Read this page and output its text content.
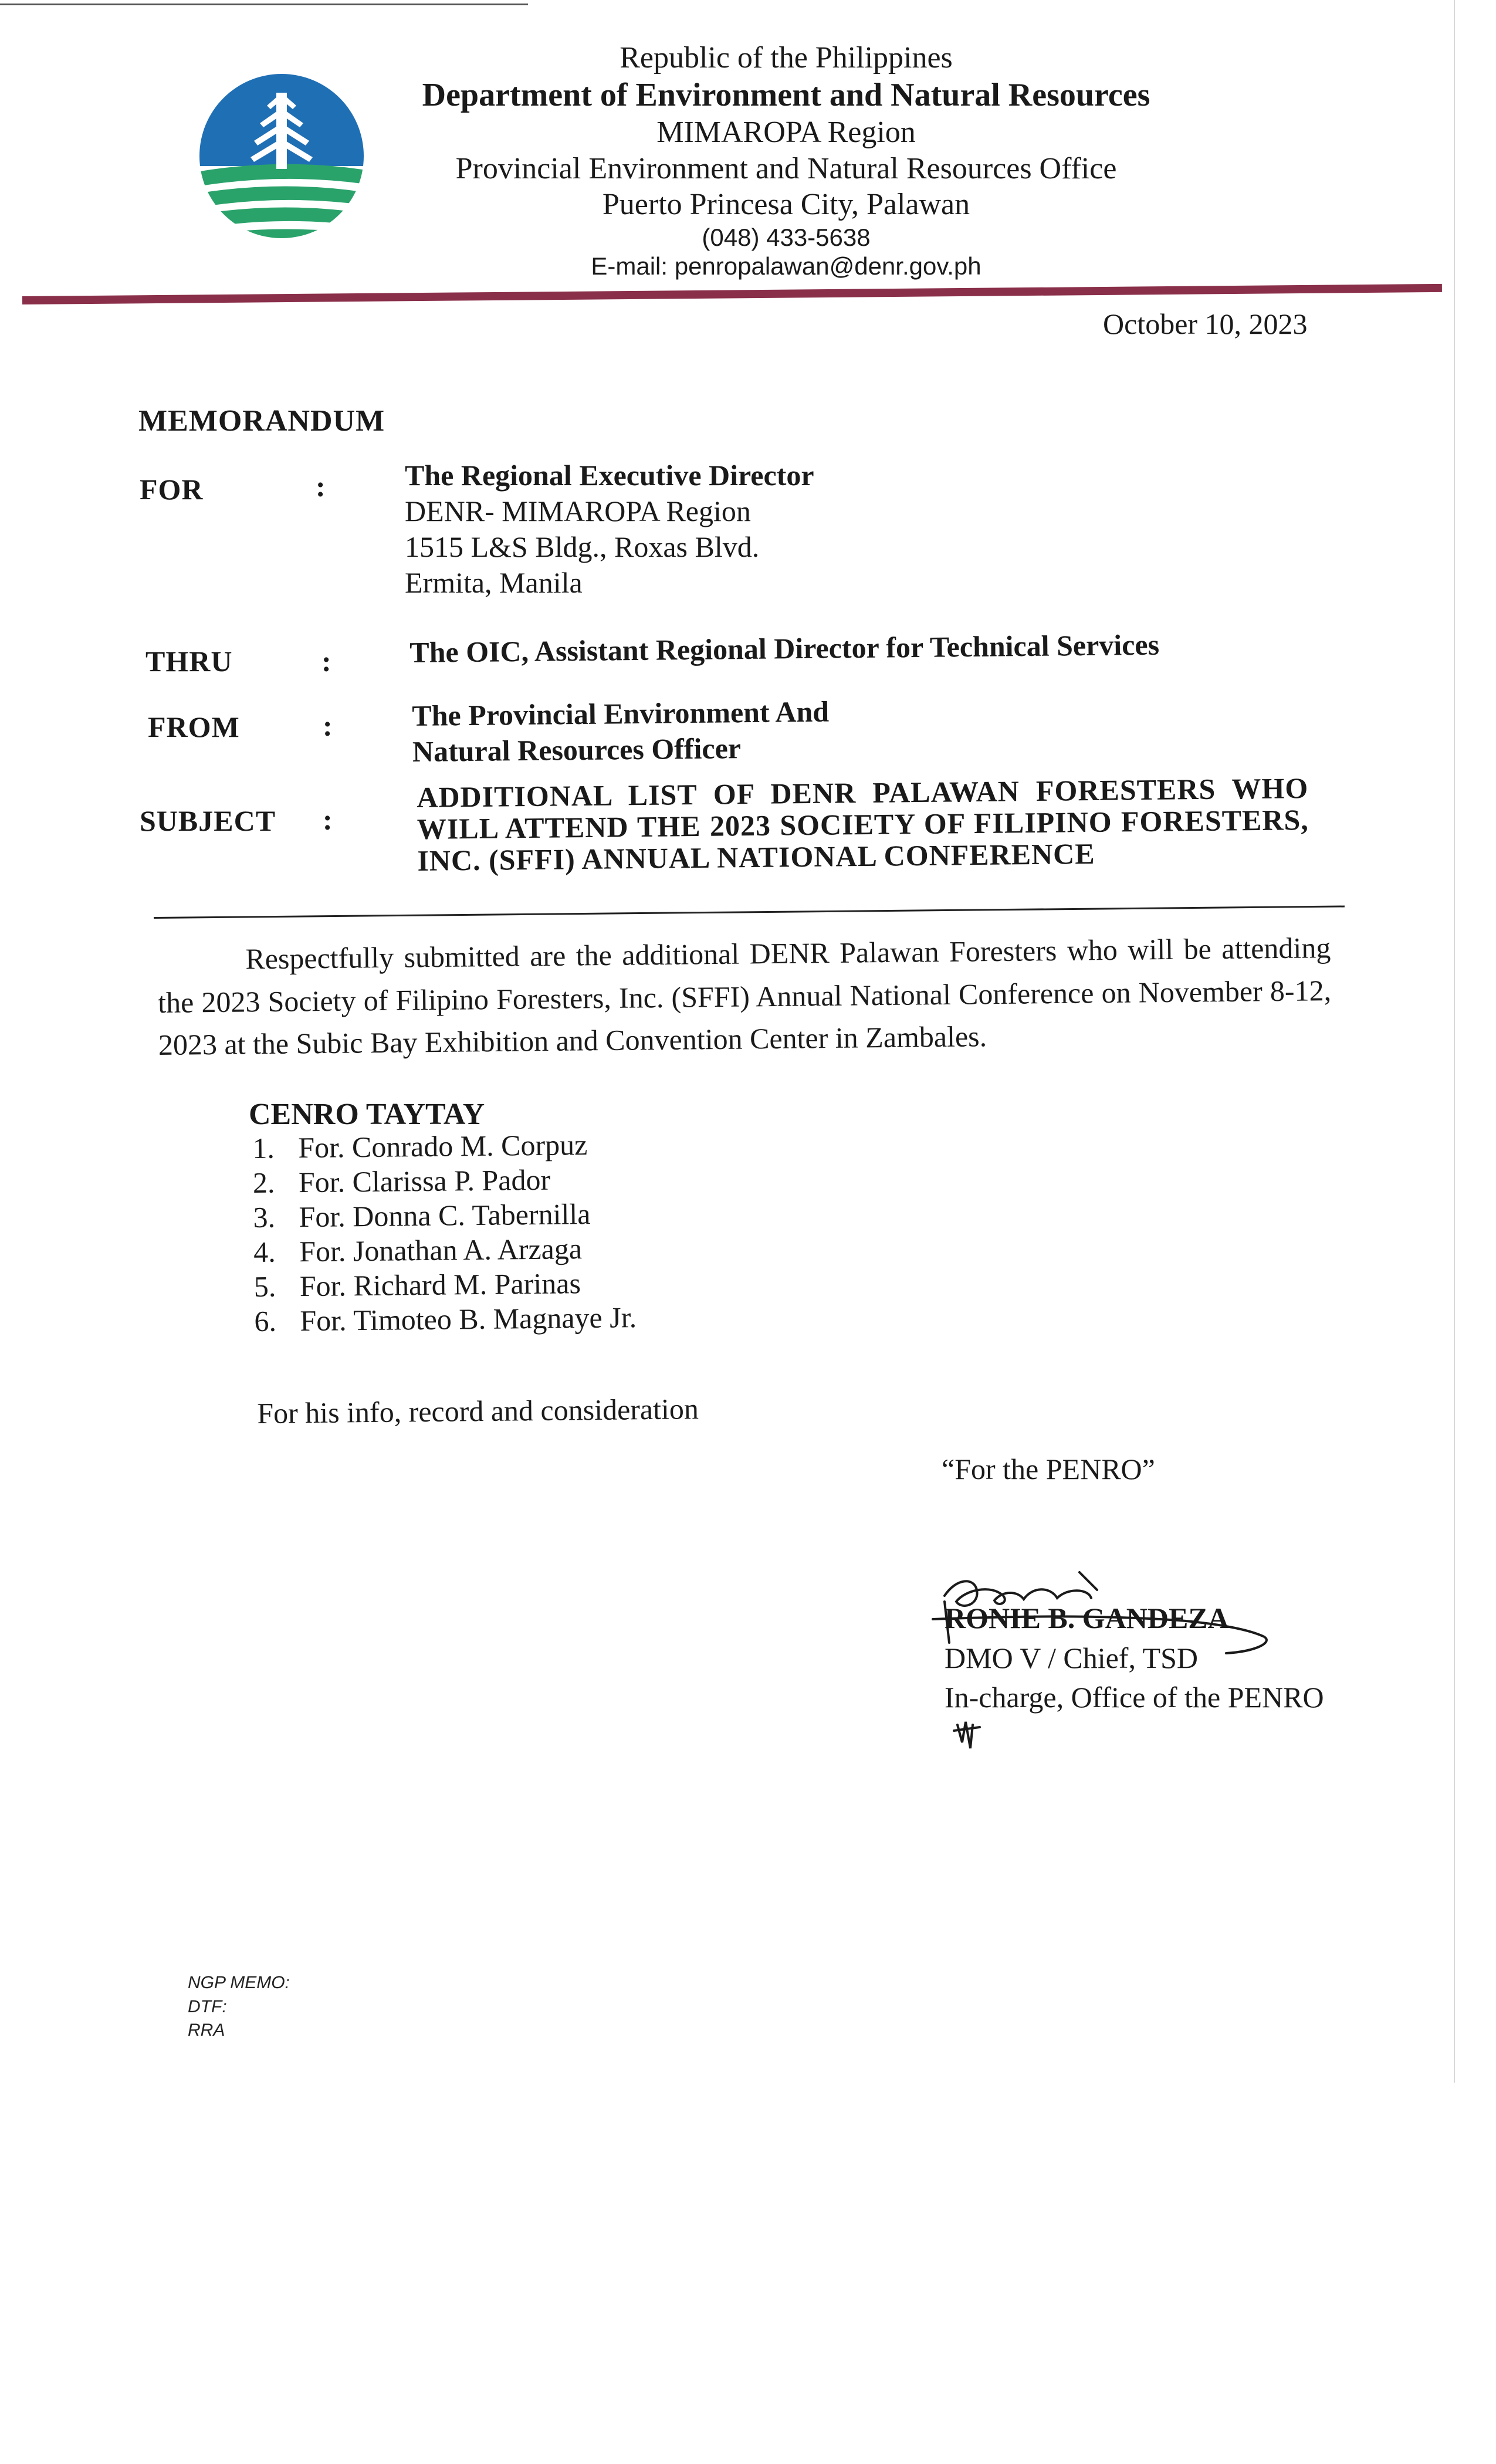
Republic of the Philippines
Department of Environment and Natural Resources
MIMAROPA Region
Provincial Environment and Natural Resources Office
Puerto Princesa City, Palawan
(048) 433-5638
E-mail: penropalawan@denr.gov.ph
October 10, 2023
MEMORANDUM
FOR	:	The Regional Executive Director
DENR- MIMAROPA Region
1515 L&S Bldg., Roxas Blvd.
Ermita, Manila
THRU	:	The OIC, Assistant Regional Director for Technical Services
FROM	:	The Provincial Environment And
Natural Resources Officer
SUBJECT :
ADDITIONAL LIST OF DENR PALAWAN FORESTERS WHO WILL ATTEND THE 2023 SOCIETY OF FILIPINO FORESTERS, INC. (SFFI) ANNUAL NATIONAL CONFERENCE
Respectfully submitted are the additional DENR Palawan Foresters who will be attending the 2023 Society of Filipino Foresters, Inc. (SFFI) Annual National Conference on November 8-12, 2023 at the Subic Bay Exhibition and Convention Center in Zambales.
CENRO TAYTAY
1. For. Conrado M. Corpuz
2. For. Clarissa P. Pador
3. For. Donna C. Tabernilla
4. For. Jonathan A. Arzaga
5. For. Richard M. Parinas
6. For. Timoteo B. Magnaye Jr.
For his info, record and consideration
“For the PENRO”
RONIE B. GANDEZA
DMO V / Chief, TSD
In-charge, Office of the PENRO
NGP MEMO:
DTF:
RRA
